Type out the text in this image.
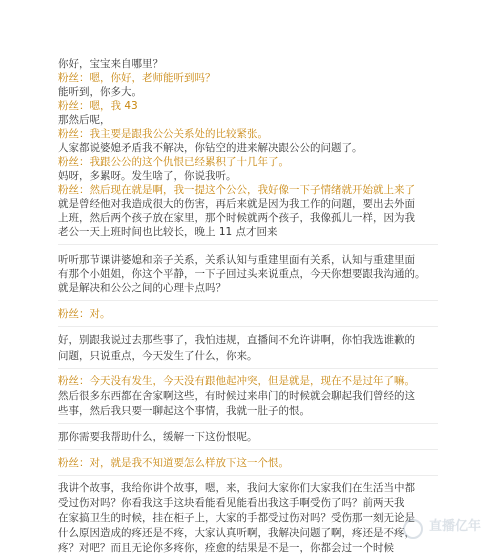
你好，宝宝来自哪里？
粉丝：嗯，你好，老师能听到吗？
能听到，你多大。
粉丝：嗯，我 43
那然后呢，
粉丝：我主要是跟我公公关系处的比较紧张。
人家都说婆媳矛盾我不解决，你钻空的进来解决跟公公的问题了。
粉丝：我跟公公的这个仇恨已经累积了十几年了。
妈呀，多累呀。发生啥了，你说我听。
粉丝：然后现在就是啊，我一提这个公公，我好像一下子情绪就开始就上来了
就是曾经他对我造成很大的伤害，再后来就是因为我工作的问题，要出去外面
上班，然后两个孩子放在家里，那个时候就两个孩子，我像孤儿一样，因为我
老公一天上班时间也比较长，晚上 11 点才回来
听听那节课讲婆媳和亲子关系，关系认知与重建里面有关系，认知与重建里面
有那个小姐姐，你这个平静，一下子回过头来说重点，今天你想要跟我沟通的。
就是解决和公公之间的心理卡点吗？
粉丝：对。
好，别跟我说过去那些事了，我怕违规，直播间不允许讲啊，你怕我选谁歉的
问题，只说重点，今天发生了什么，你来。
粉丝：今天没有发生，今天没有跟他起冲突，但是就是，现在不是过年了嘛。
然后很多东西都在舍家啊这些，有时候过来串门的时候就会聊起我们曾经的这
些事，然后我只要一聊起这个事情，我就一肚子的恨。
那你需要我帮助什么，缓解一下这份恨呢。
粉丝：对，就是我不知道要怎么样放下这一个恨。
我讲个故事，我给你讲个故事，嗯，来，我问大家你们大家我们在生活当中都
受过伤对吗？你看我这手这块看能看见能看出我这手啊受伤了吗？前两天我
在家搞卫生的时候，挂在柜子上，大家的手都受过伤对吗？受伤那一刻无论是
什么原因造成的疼还是不疼，大家认真听啊，我解决问题了啊，疼还是不疼，
疼？对吧？而且无论你多疼你，痊愈的结果是不是一，你都会过一个时候
直播亿年
